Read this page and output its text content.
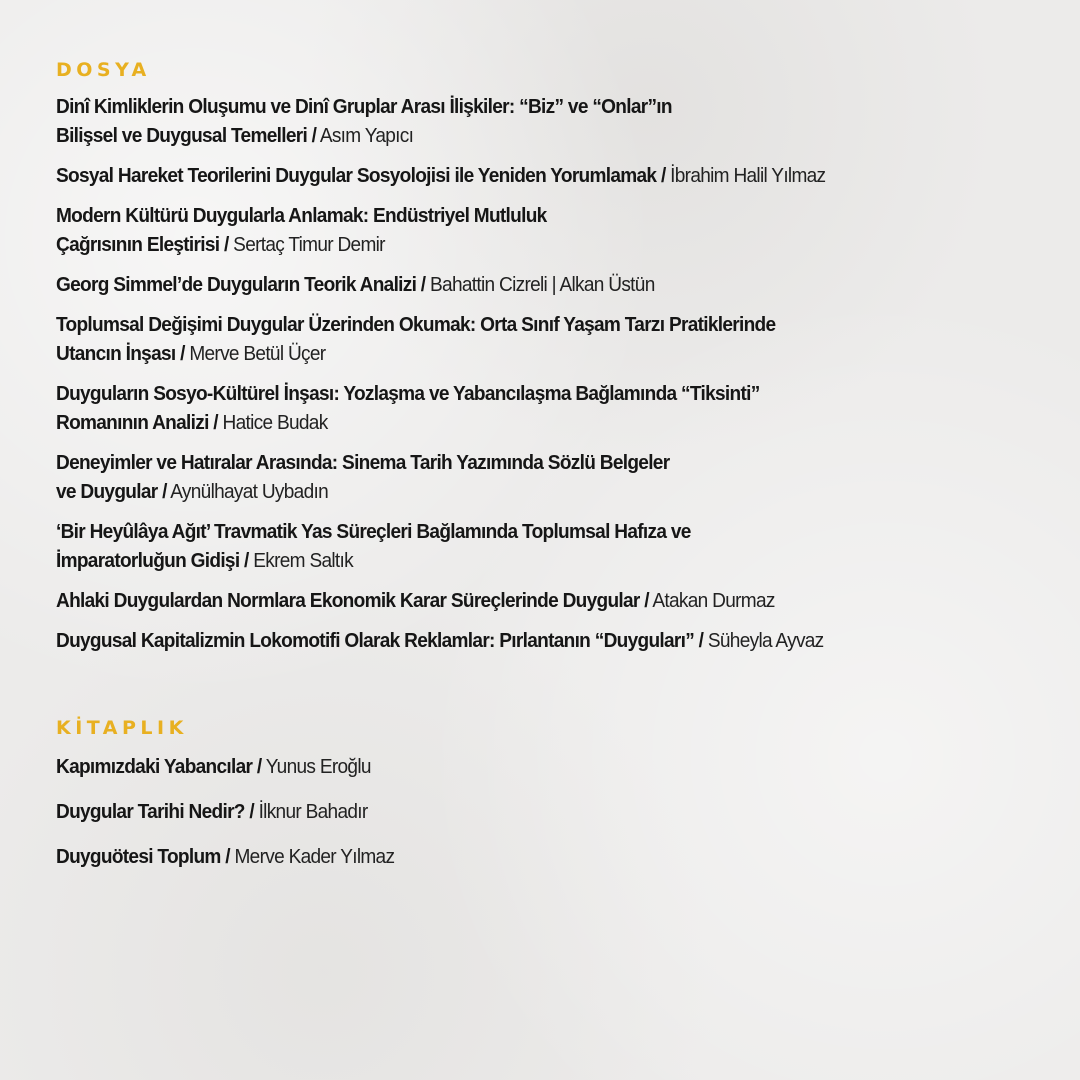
DOSYA
Dinî Kimliklerin Oluşumu ve Dinî Gruplar Arası İlişkiler: “Biz” ve “Onlar”ın
Bilişsel ve Duygusal Temelleri / Asım Yapıcı
Sosyal Hareket Teorilerini Duygular Sosyolojisi ile Yeniden Yorumlamak / İbrahim Halil Yılmaz
Modern Kültürü Duygularla Anlamak: Endüstriyel Mutluluk
Çağrısının Eleştirisi / Sertaç Timur Demir
Georg Simmel’de Duyguların Teorik Analizi / Bahattin Cizreli | Alkan Üstün
Toplumsal Değişimi Duygular Üzerinden Okumak: Orta Sınıf Yaşam Tarzı Pratiklerinde
Utancın İnşası / Merve Betül Üçer
Duyguların Sosyo-Kültürel İnşası: Yozlaşma ve Yabancılaşma Bağlamında “Tiksinti”
Romanının Analizi / Hatice Budak
Deneyimler ve Hatıralar Arasında: Sinema Tarih Yazımında Sözlü Belgeler
ve Duygular / Aynülhayat Uybadın
‘Bir Heyûlâya Ağıt’ Travmatik Yas Süreçleri Bağlamında Toplumsal Hafıza ve
İmparatorluğun Gidişi / Ekrem Saltık
Ahlaki Duygulardan Normlara Ekonomik Karar Süreçlerinde Duygular / Atakan Durmaz
Duygusal Kapitalizmin Lokomotifi Olarak Reklamlar: Pırlantanın “Duyguları” / Süheyla Ayvaz
KİTAPLIK
Kapımızdaki Yabancılar / Yunus Eroğlu
Duygular Tarihi Nedir? / İlknur Bahadır
Duyguötesi Toplum / Merve Kader Yılmaz
